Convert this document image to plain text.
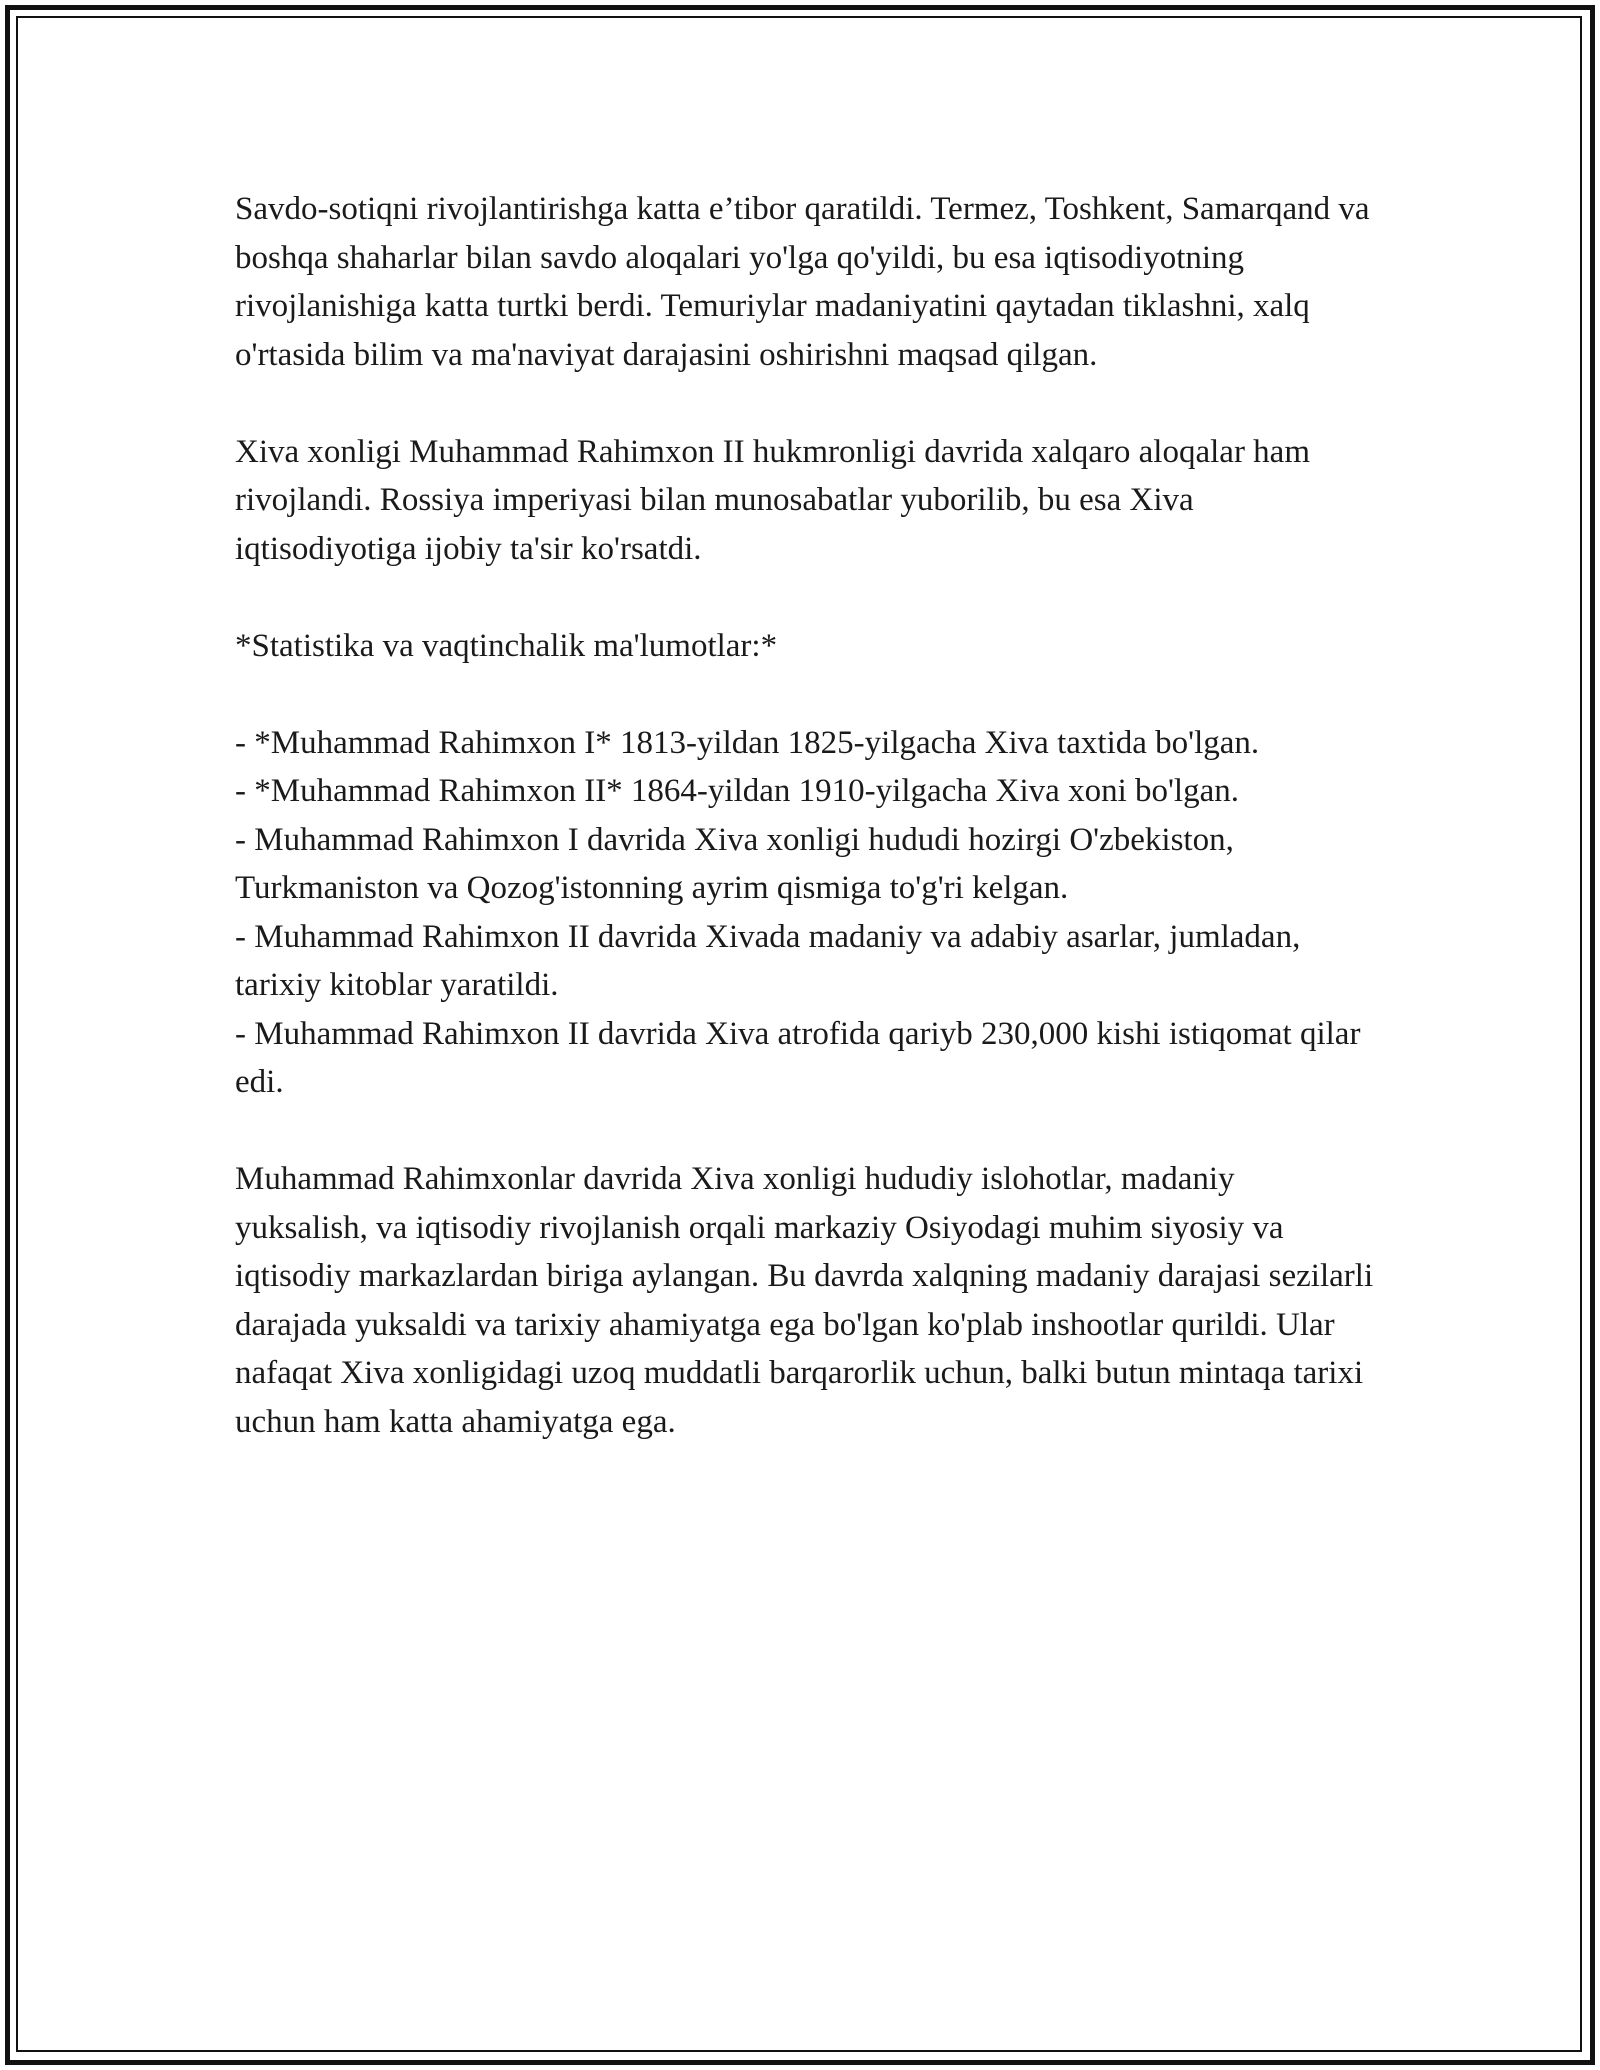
Savdo-sotiqni rivojlantirishga katta e’tibor qaratildi. Termez, Toshkent, Samarqand va boshqa shaharlar bilan savdo aloqalari yo'lga qo'yildi, bu esa iqtisodiyotning rivojlanishiga katta turtki berdi. Temuriylar madaniyatini qaytadan tiklashni, xalq o'rtasida bilim va ma'naviyat darajasini oshirishni maqsad qilgan.

Xiva xonligi Muhammad Rahimxon II hukmronligi davrida xalqaro aloqalar ham rivojlandi. Rossiya imperiyasi bilan munosabatlar yuborilib, bu esa Xiva iqtisodiyotiga ijobiy ta'sir ko'rsatdi.

*Statistika va vaqtinchalik ma'lumotlar:*

- *Muhammad Rahimxon I* 1813-yildan 1825-yilgacha Xiva taxtida bo'lgan.
- *Muhammad Rahimxon II* 1864-yildan 1910-yilgacha Xiva xoni bo'lgan.
- Muhammad Rahimxon I davrida Xiva xonligi hududi hozirgi O'zbekiston, Turkmaniston va Qozog'istonning ayrim qismiga to'g'ri kelgan.
- Muhammad Rahimxon II davrida Xivada madaniy va adabiy asarlar, jumladan, tarixiy kitoblar yaratildi.
- Muhammad Rahimxon II davrida Xiva atrofida qariyb 230,000 kishi istiqomat qilar edi.

Muhammad Rahimxonlar davrida Xiva xonligi hududiy islohotlar, madaniy yuksalish, va iqtisodiy rivojlanish orqali markaziy Osiyodagi muhim siyosiy va iqtisodiy markazlardan biriga aylangan. Bu davrda xalqning madaniy darajasi sezilarli darajada yuksaldi va tarixiy ahamiyatga ega bo'lgan ko'plab inshootlar qurildi. Ular nafaqat Xiva xonligidagi uzoq muddatli barqarorlik uchun, balki butun mintaqa tarixi uchun ham katta ahamiyatga ega.
